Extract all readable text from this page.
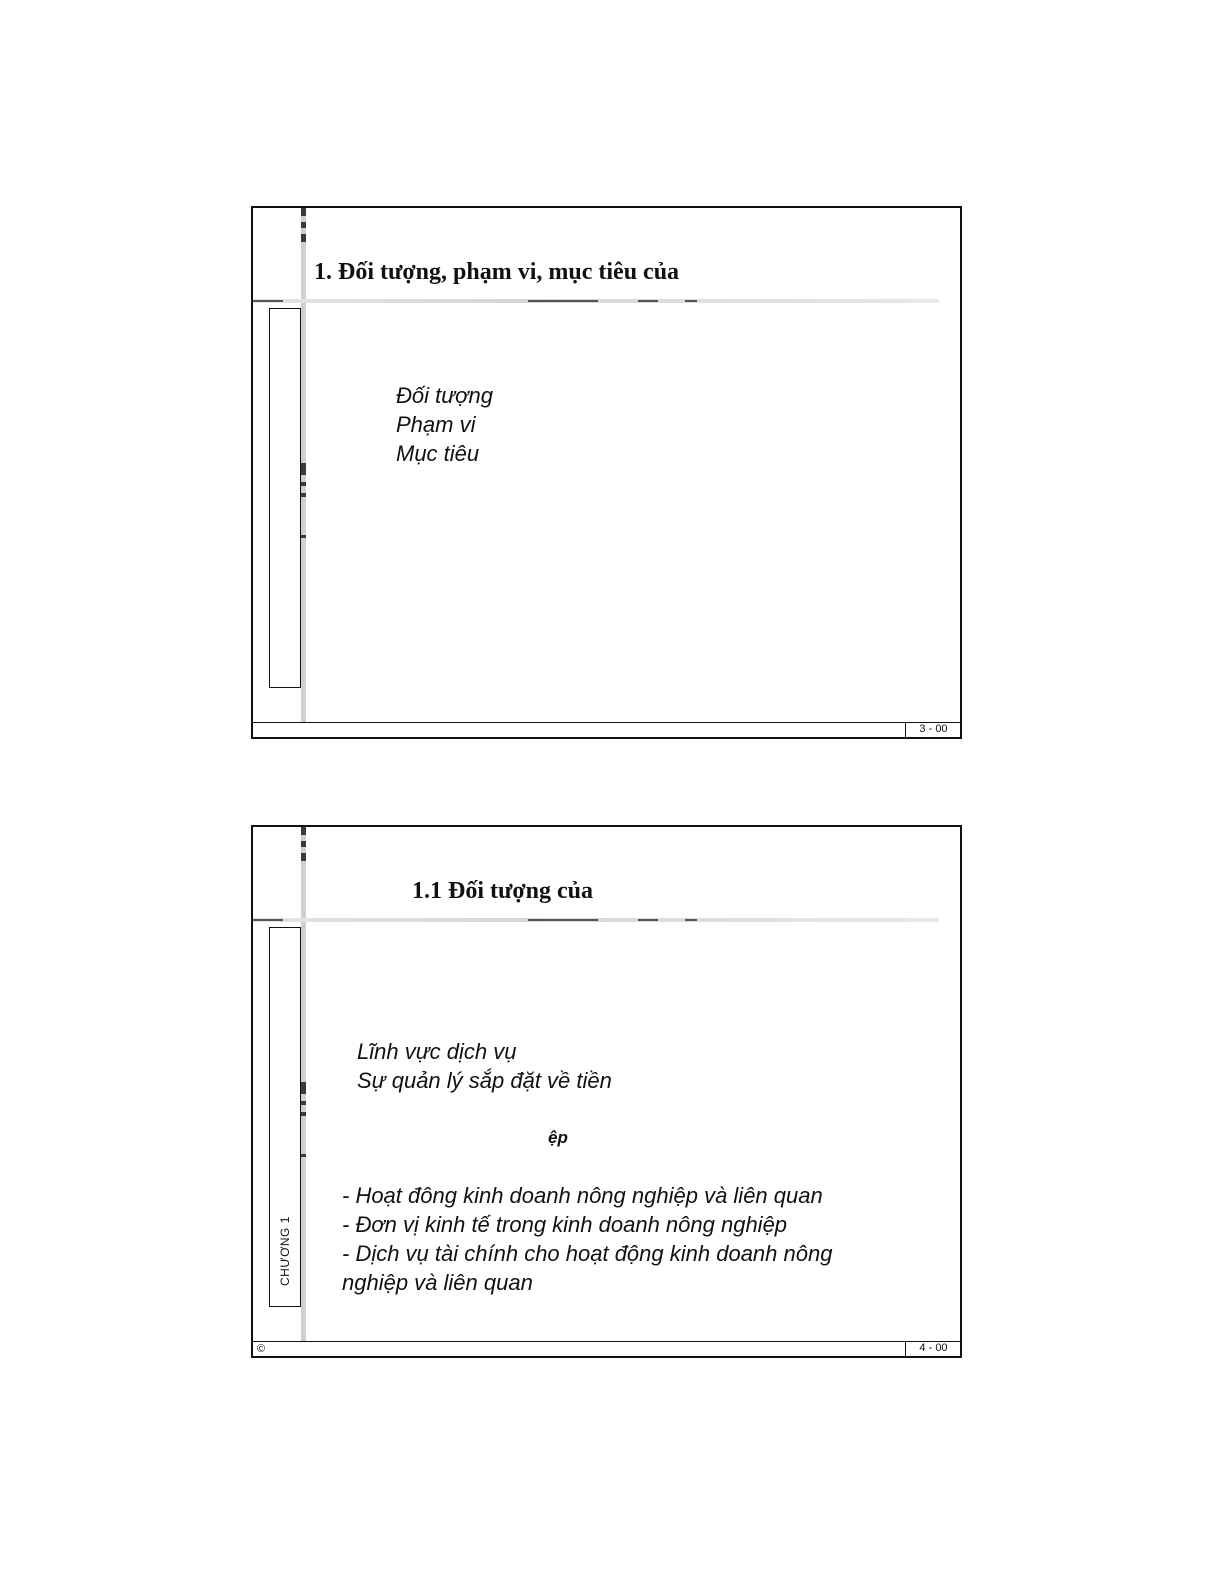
1. Đối tượng, phạm vi, mục tiêu của
Đối tượng
Phạm vi
Mục tiêu
3 - 00
1.1 Đối tượng của
CHƯƠNG 1
Lĩnh vực dịch vụ
Sự quản lý sắp đặt về tiền
ệp
- Hoạt đông kinh doanh nông nghiệp và liên quan
- Đơn vị kinh tế trong kinh doanh nông nghiệp
- Dịch vụ tài chính cho hoạt động kinh doanh nông nghiệp và liên quan
©	4 - 00
